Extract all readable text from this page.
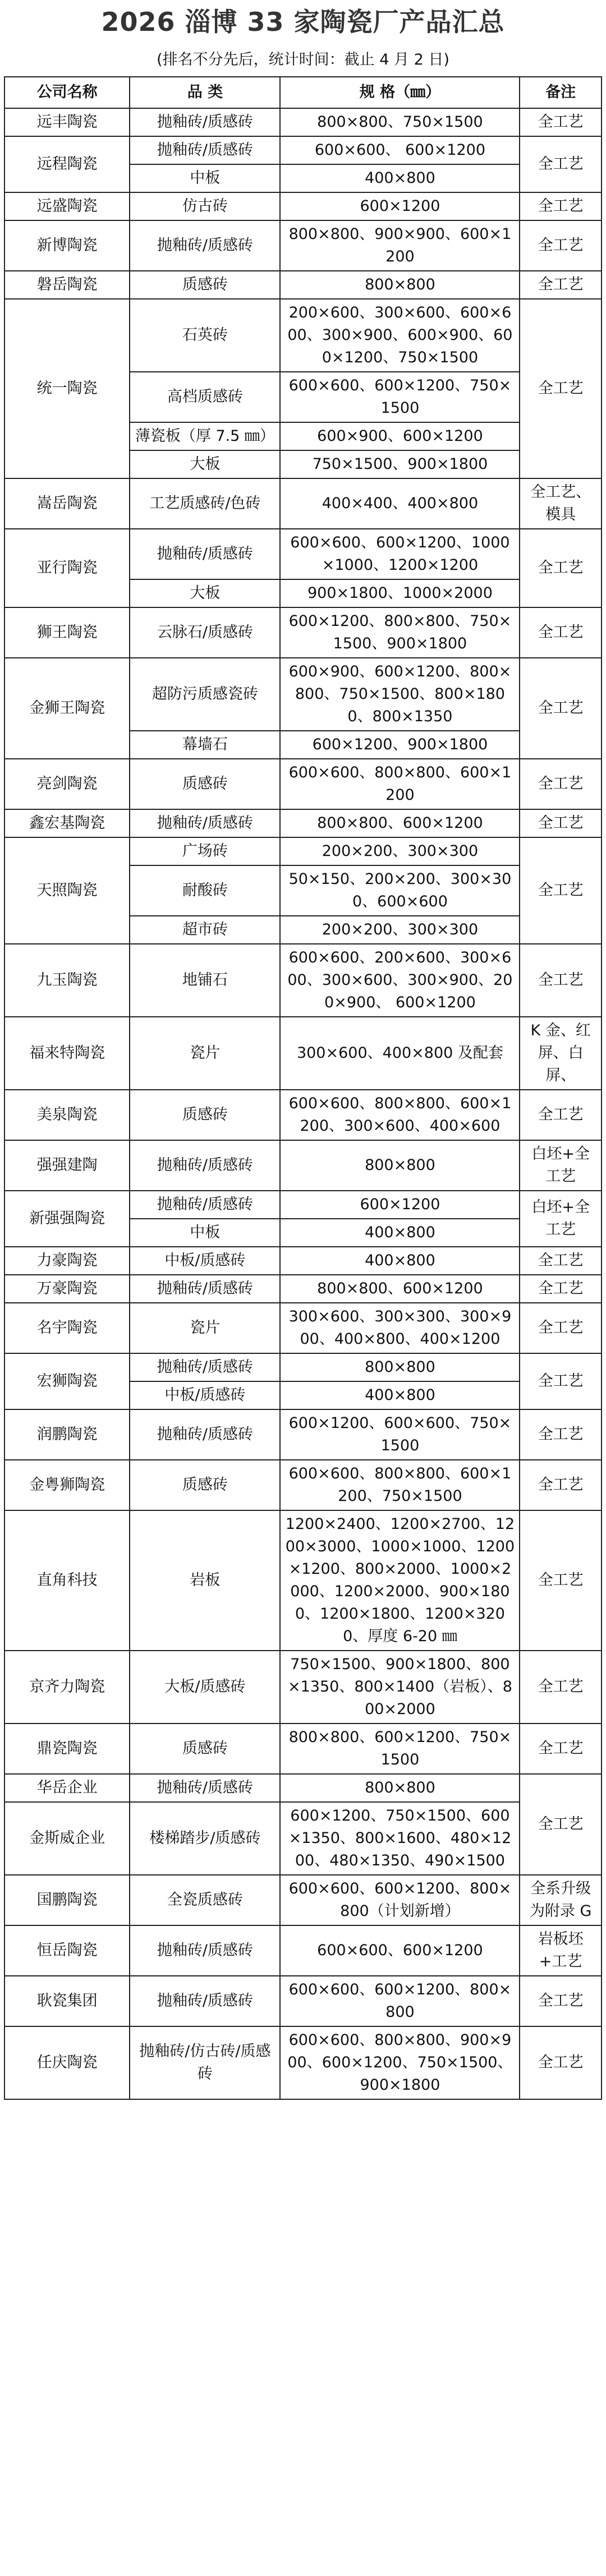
2026 淄博 33 家陶瓷厂产品汇总
(排名不分先后，统计时间：截止 4 月 2 日)
公司名称	品 类	规 格（㎜）	备注
远丰陶瓷	抛釉砖/质感砖	800×800、750×1500	全工艺
远程陶瓷	抛釉砖/质感砖	600×600、 600×1200	全工艺
	中板	400×800	
远盛陶瓷	仿古砖	600×1200	全工艺
新博陶瓷	抛釉砖/质感砖	800×800、900×900、600×1200	全工艺
磐岳陶瓷	质感砖	800×800	全工艺
统一陶瓷	石英砖	200×600、300×600、600×600、300×900、600×900、600×1200、750×1500	全工艺
	高档质感砖	600×600、600×1200、750×1500	
	薄瓷板（厚 7.5 ㎜）	600×900、600×1200	
	大板	750×1500、900×1800	
嵩岳陶瓷	工艺质感砖/色砖	400×400、400×800	全工艺、模具
亚行陶瓷	抛釉砖/质感砖	600×600、600×1200、1000×1000、1200×1200	全工艺
	大板	900×1800、1000×2000	
狮王陶瓷	云脉石/质感砖	600×1200、800×800、750×1500、900×1800	全工艺
金狮王陶瓷	超防污质感瓷砖	600×900、600×1200、800×800、750×1500、800×1800、800×1350	全工艺
	幕墙石	600×1200、900×1800	
亮剑陶瓷	质感砖	600×600、800×800、600×1200	全工艺
鑫宏基陶瓷	抛釉砖/质感砖	800×800、600×1200	全工艺
天照陶瓷	广场砖	200×200、300×300	全工艺
	耐酸砖	50×150、200×200、300×300、600×600	
	超市砖	200×200、300×300	
九玉陶瓷	地铺石	600×600、200×600、300×600、300×600、300×900、200×900、 600×1200	全工艺
福来特陶瓷	瓷片	300×600、400×800 及配套	K 金、红屏、白屏、
美泉陶瓷	质感砖	600×600、800×800、600×1200、300×600、400×600	全工艺
强强建陶	抛釉砖/质感砖	800×800	白坯+全工艺
新强强陶瓷	抛釉砖/质感砖	600×1200	白坯+全工艺
	中板	400×800	
力豪陶瓷	中板/质感砖	400×800	全工艺
万豪陶瓷	抛釉砖/质感砖	800×800、600×1200	全工艺
名宇陶瓷	瓷片	300×600、300×300、300×900、400×800、400×1200	全工艺
宏狮陶瓷	抛釉砖/质感砖	800×800	全工艺
	中板/质感砖	400×800	
润鹏陶瓷	抛釉砖/质感砖	600×1200、600×600、750×1500	全工艺
金粤狮陶瓷	质感砖	600×600、800×800、600×1200、750×1500	全工艺
直角科技	岩板	1200×2400、1200×2700、1200×3000、1000×1000、1200×1200、800×2000、1000×2000、1200×2000、900×1800、1200×1800、1200×3200、厚度 6-20 ㎜	全工艺
京齐力陶瓷	大板/质感砖	750×1500、900×1800、800×1350、800×1400（岩板）、800×2000	全工艺
鼎瓷陶瓷	质感砖	800×800、600×1200、750×1500	全工艺
华岳企业	抛釉砖/质感砖	800×800	全工艺
金斯威企业	楼梯踏步/质感砖	600×1200、750×1500、600×1350、800×1600、480×1200、480×1350、490×1500	
国鹏陶瓷	全瓷质感砖	600×600、600×1200、800×800（计划新增）	全系升级为附录 G
恒岳陶瓷	抛釉砖/质感砖	600×600、600×1200	岩板坯+工艺
耿瓷集团	抛釉砖/质感砖	600×600、600×1200、800×800	全工艺
任庆陶瓷	抛釉砖/仿古砖/质感砖	600×600、800×800、900×900、600×1200、750×1500、900×1800	全工艺
